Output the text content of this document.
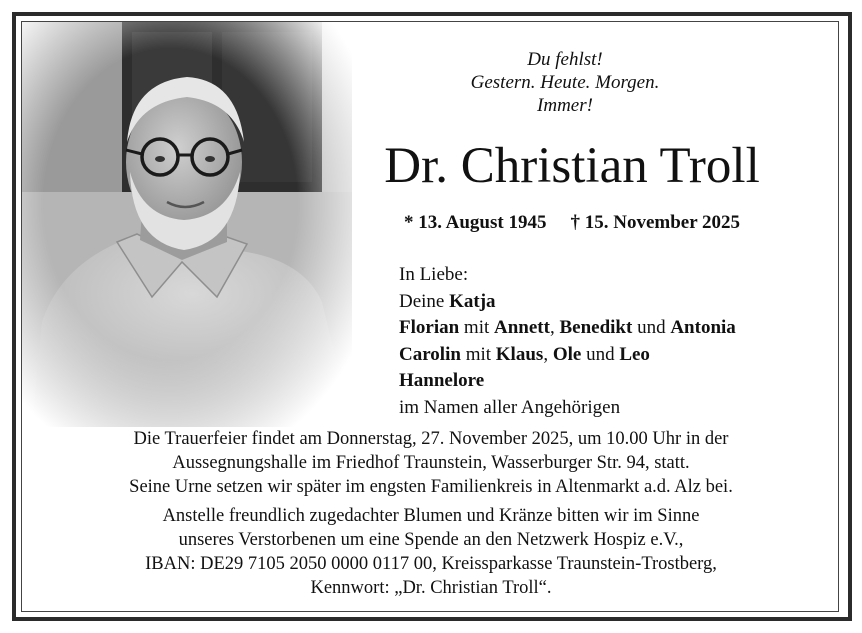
Du fehlst!
Gestern. Heute. Morgen.
Immer!
Dr. Christian Troll
* 13. August 1945 † 15. November 2025
In Liebe:
Deine Katja
Florian mit Annett, Benedikt und Antonia
Carolin mit Klaus, Ole und Leo
Hannelore
im Namen aller Angehörigen
Die Trauerfeier findet am Donnerstag, 27. November 2025, um 10.00 Uhr in der
Aussegnungshalle im Friedhof Traunstein, Wasserburger Str. 94, statt.
Seine Urne setzen wir später im engsten Familienkreis in Altenmarkt a.d. Alz bei.
Anstelle freundlich zugedachter Blumen und Kränze bitten wir im Sinne
unseres Verstorbenen um eine Spende an den Netzwerk Hospiz e.V.,
IBAN: DE29 7105 2050 0000 0117 00, Kreissparkasse Traunstein-Trostberg,
Kennwort: „Dr. Christian Troll“.
